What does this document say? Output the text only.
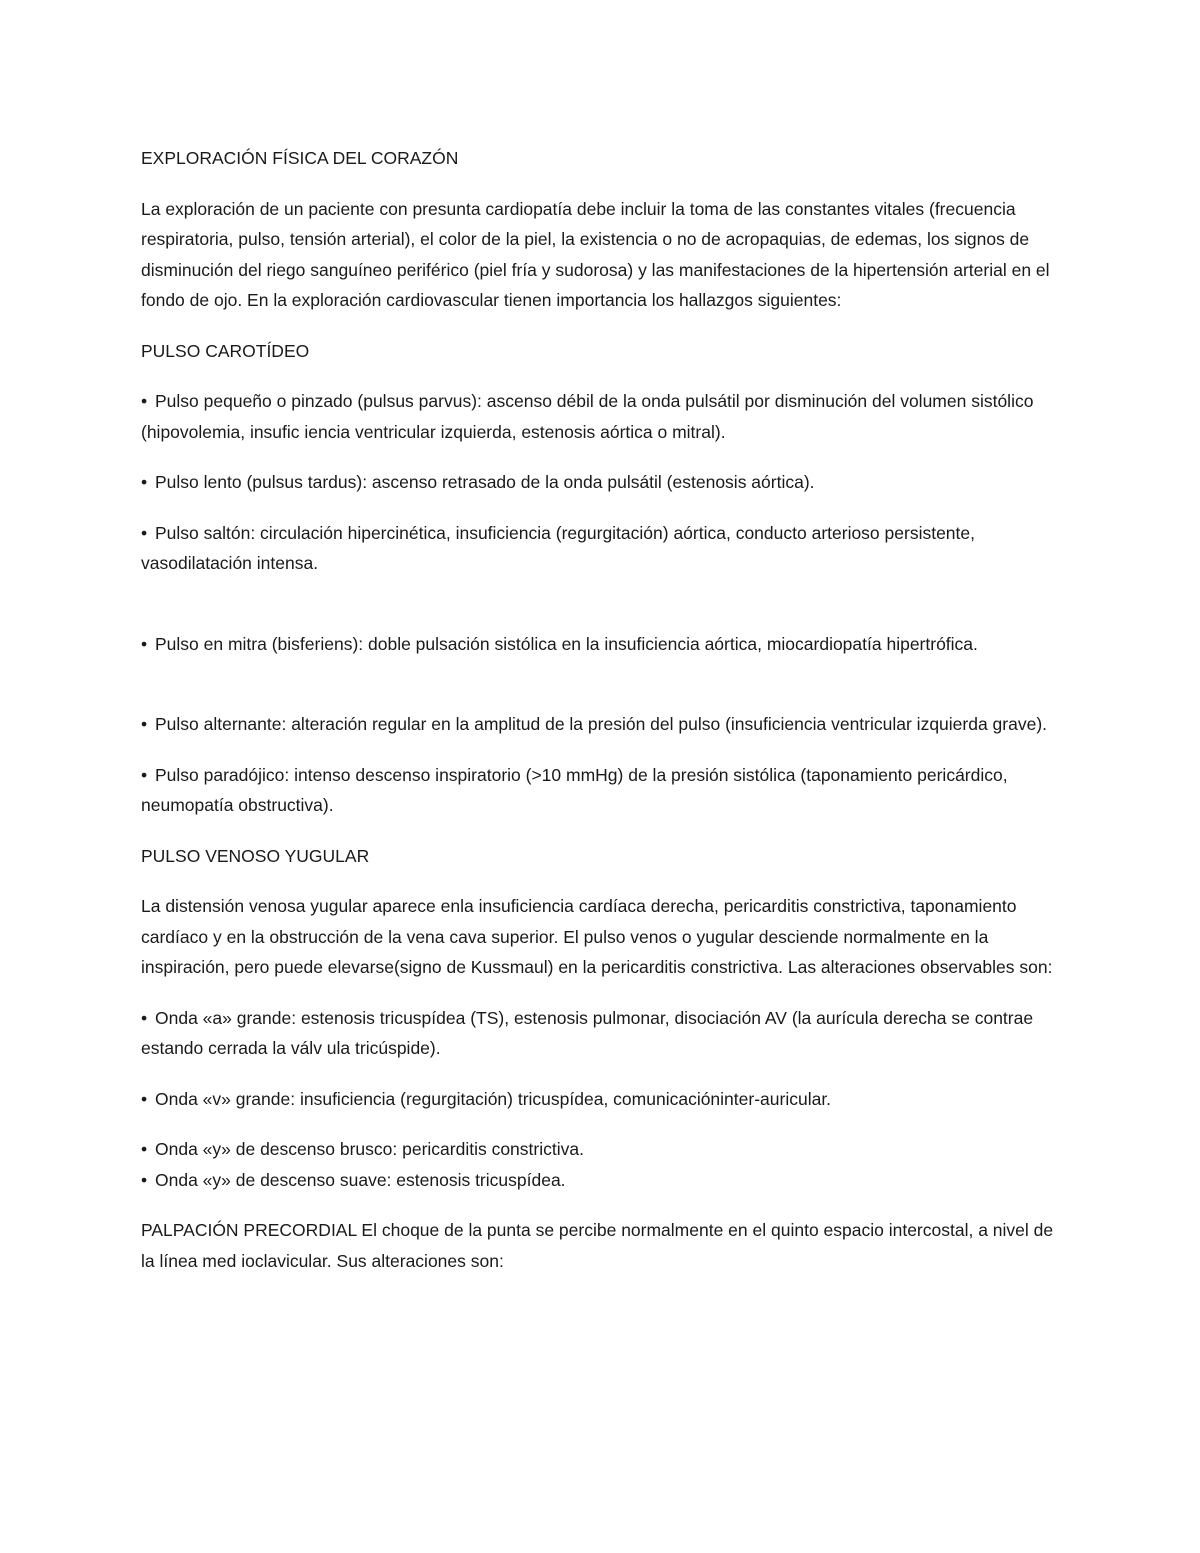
EXPLORACIÓN FÍSICA DEL CORAZÓN

La exploración de un paciente con presunta cardiopatía debe incluir la toma de las constantes vitales (frecuencia respiratoria, pulso, tensión arterial), el color de la piel, la existencia o no de acropaquias, de edemas, los signos de disminución del riego sanguíneo periférico (piel fría y sudorosa) y las manifestaciones de la hipertensión arterial en el fondo de ojo. En la exploración cardiovascular tienen importancia los hallazgos siguientes:

PULSO CAROTÍDEO

• Pulso pequeño o pinzado (pulsus parvus): ascenso débil de la onda pulsátil por disminución del volumen sistólico (hipovolemia, insufic iencia ventricular izquierda, estenosis aórtica o mitral).

• Pulso lento (pulsus tardus): ascenso retrasado de la onda pulsátil (estenosis aórtica).

• Pulso saltón: circulación hipercinética, insuficiencia (regurgitación) aórtica, conducto arterioso persistente, vasodilatación intensa.

• Pulso en mitra (bisferiens): doble pulsación sistólica en la insuficiencia aórtica, miocardiopatía hipertrófica.

• Pulso alternante: alteración regular en la amplitud de la presión del pulso (insuficiencia ventricular izquierda grave).

• Pulso paradójico: intenso descenso inspiratorio (>10 mmHg) de la presión sistólica (taponamiento pericárdico, neumopatía obstructiva).

PULSO VENOSO YUGULAR

La distensión venosa yugular aparece enla insuficiencia cardíaca derecha, pericarditis constrictiva, taponamiento cardíaco y en la obstrucción de la vena cava superior. El pulso venos o yugular desciende normalmente en la inspiración, pero puede elevarse(signo de Kussmaul) en la pericarditis constrictiva. Las alteraciones observables son:

• Onda «a» grande: estenosis tricuspídea (TS), estenosis pulmonar, disociación AV (la aurícula derecha se contrae estando cerrada la válv ula tricúspide).

• Onda «v» grande: insuficiencia (regurgitación) tricuspídea, comunicacióninter-auricular.

• Onda «y» de descenso brusco: pericarditis constrictiva.

• Onda «y» de descenso suave: estenosis tricuspídea.

PALPACIÓN PRECORDIAL El choque de la punta se percibe normalmente en el quinto espacio intercostal, a nivel de la línea med ioclavicular. Sus alteraciones son:
